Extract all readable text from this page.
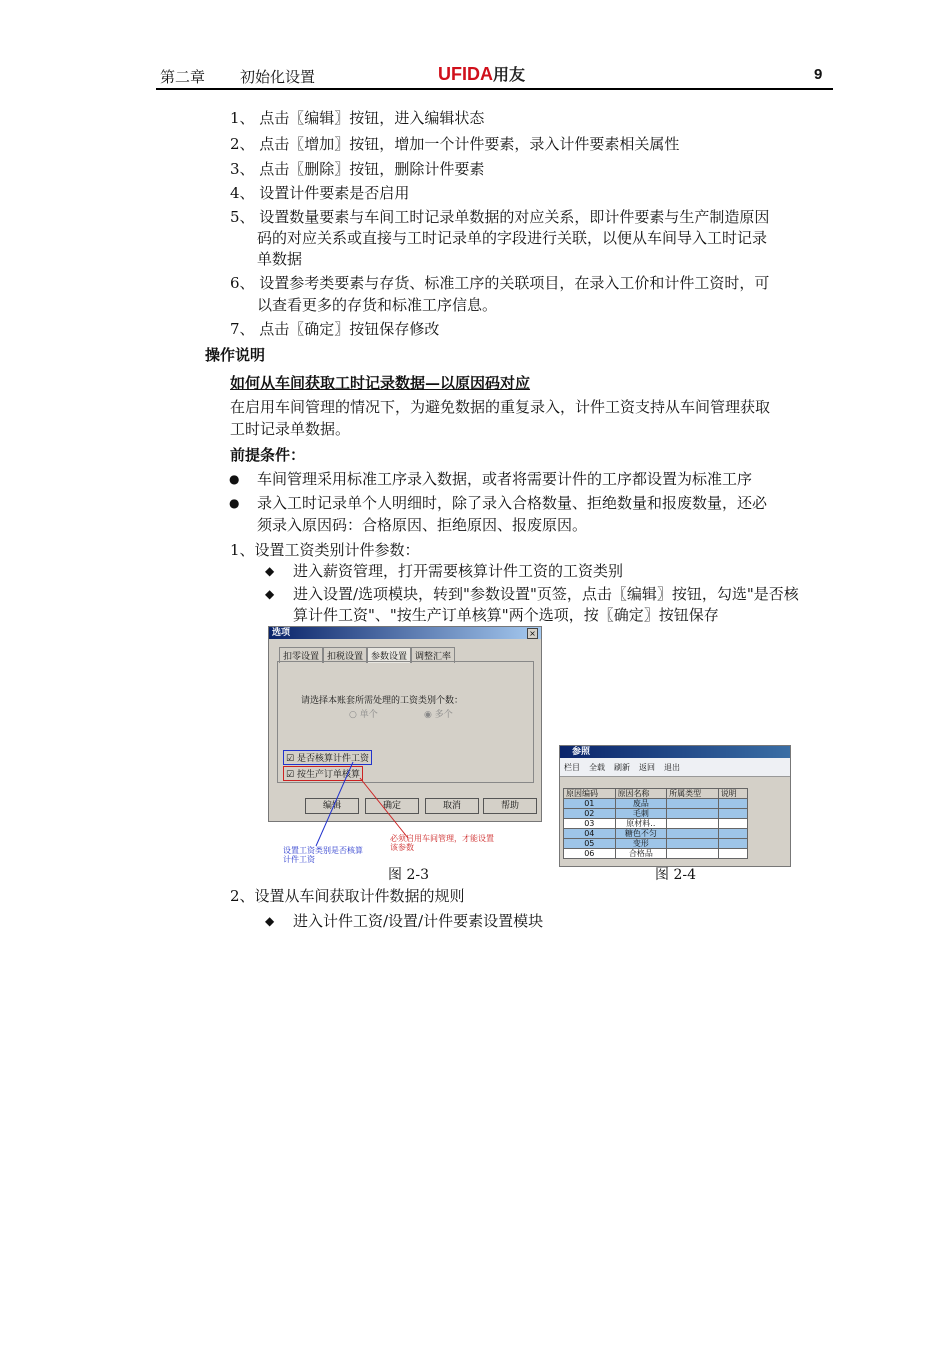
第二章 初始化设置	UFIDA用友	9
1、 点击〖编辑〗按钮，进入编辑状态
2、 点击〖增加〗按钮，增加一个计件要素，录入计件要素相关属性
3、 点击〖删除〗按钮，删除计件要素
4、 设置计件要素是否启用
5、 设置数量要素与车间工时记录单数据的对应关系，即计件要素与生产制造原因
码的对应关系或直接与工时记录单的字段进行关联，以便从车间导入工时记录
单数据
6、 设置参考类要素与存货、标准工序的关联项目，在录入工价和计件工资时，可
以查看更多的存货和标准工序信息。
7、 点击〖确定〗按钮保存修改
操作说明
如何从车间获取工时记录数据—以原因码对应
在启用车间管理的情况下，为避免数据的重复录入，计件工资支持从车间管理获取
工时记录单数据。
前提条件：
● 车间管理采用标准工序录入数据，或者将需要计件的工序都设置为标准工序
● 录入工时记录单个人明细时，除了录入合格数量、拒绝数量和报废数量，还必
须录入原因码：合格原因、拒绝原因、报废原因。
1、设置工资类别计件参数：
◆ 进入薪资管理，打开需要核算计件工资的工资类别
◆ 进入设置/选项模块，转到"参数设置"页签，点击〖编辑〗按钮，勾选"是否核
算计件工资"、"按生产订单核算"两个选项，按〖确定〗按钮保存
选项	×
扣零设置 扣税设置 参数设置 调整汇率
请选择本账套所需处理的工资类别个数：
○ 单个	◉ 多个
☑ 是否核算计件工资
☑ 按生产订单核算
编辑	确定	取消	帮助
设置工资类别是否核算
计件工资
必须启用车间管理，才能设置
该参数
图 2-3
参照
栏目 全载 刷新 返回 退出
原因编码	原因名称	所属类型	说明
01	废品		
02	毛刺		
03	原材料..		
04	糖色不匀		
05	变形		
06	合格品		
图 2-4
2、设置从车间获取计件数据的规则
◆ 进入计件工资/设置/计件要素设置模块
